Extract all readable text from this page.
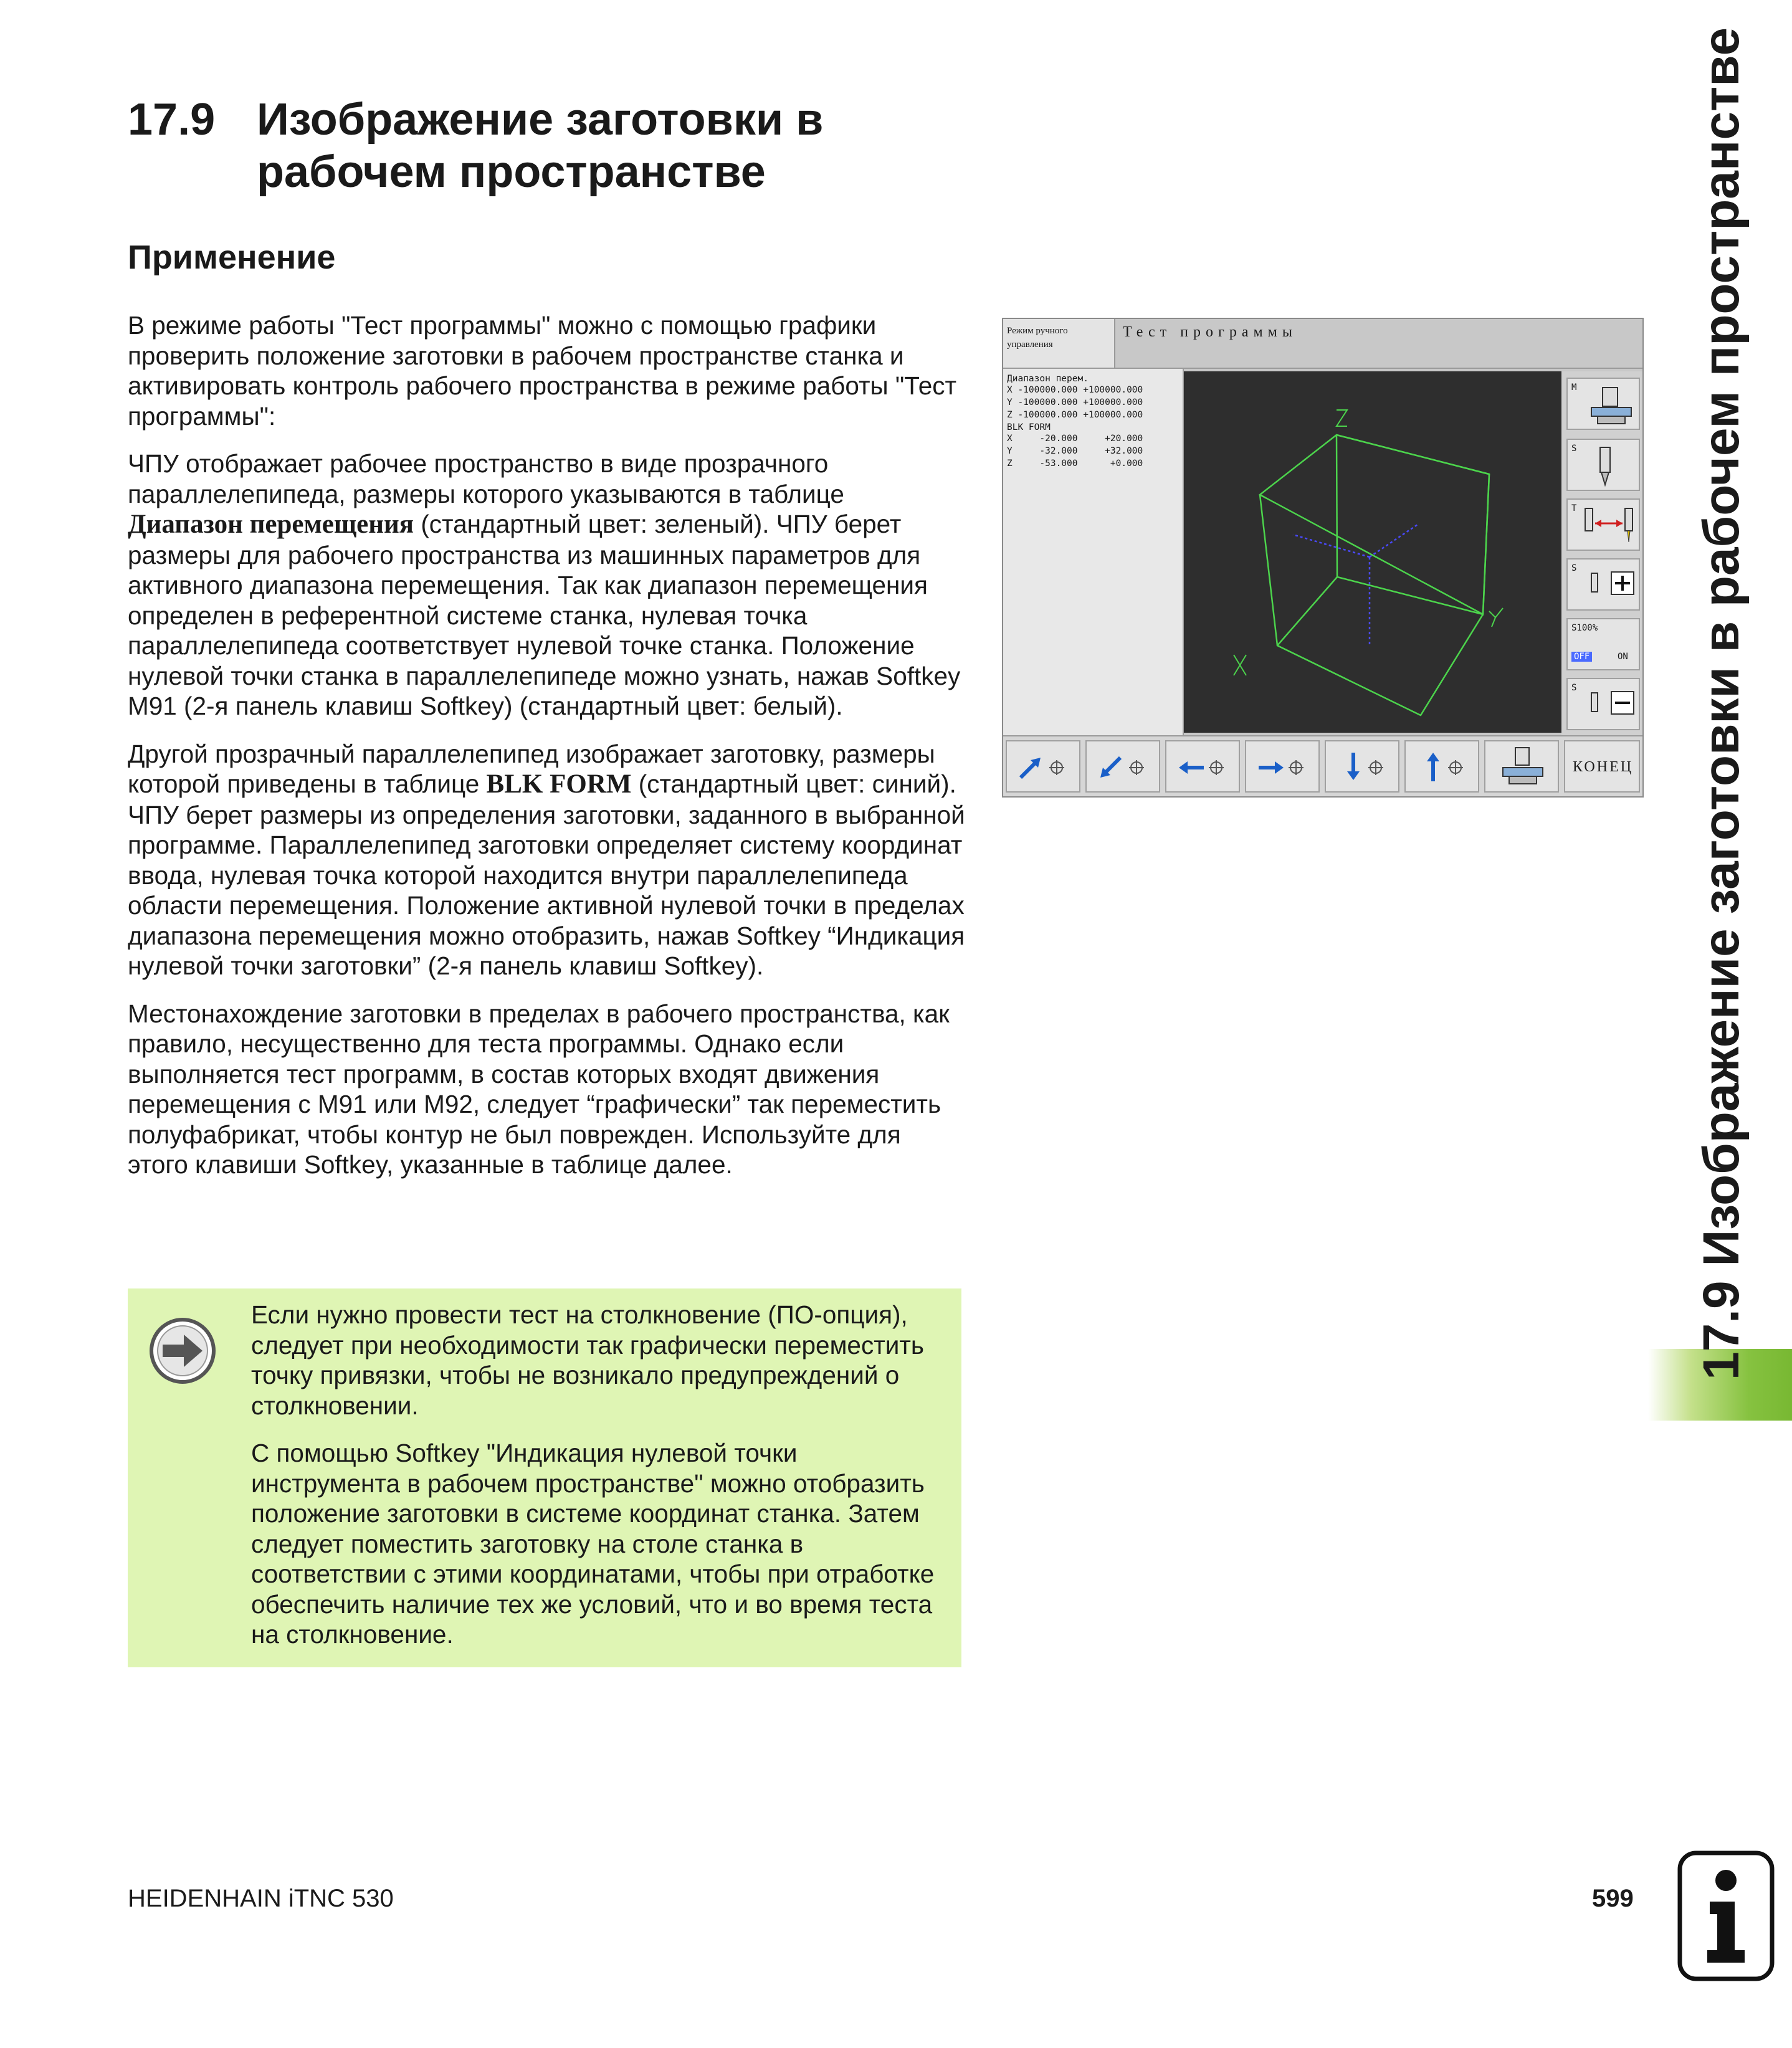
17.9 Изображение заготовки в рабочем пространстве
Применение

В режиме работы "Тест программы" можно с помощью графики проверить положение заготовки в рабочем пространстве станка и активировать контроль рабочего пространства в режиме работы "Тест программы":

ЧПУ отображает рабочее пространство в виде прозрачного параллелепипеда, размеры которого указываются в таблице Диапазон перемещения (стандартный цвет: зеленый). ЧПУ берет размеры для рабочего пространства из машинных параметров для активного диапазона перемещения. Так как диапазон перемещения определен в референтной системе станка, нулевая точка параллелепипеда соответствует нулевой точке станка. Положение нулевой точки станка в параллелепипеде можно узнать, нажав Softkey M91 (2-я панель клавиш Softkey) (стандартный цвет: белый).

Другой прозрачный параллелепипед изображает заготовку, размеры которой приведены в таблице BLK FORM (стандартный цвет: синий). ЧПУ берет размеры из определения заготовки, заданного в выбранной программе. Параллелепипед заготовки определяет систему координат ввода, нулевая точка которой находится внутри параллелепипеда области перемещения. Положение активной нулевой точки в пределах диапазона перемещения можно отобразить, нажав Softkey “Индикация нулевой точки заготовки” (2-я панель клавиш Softkey).

Местонахождение заготовки в пределах в рабочего пространства, как правило, несущественно для теста программы. Однако если выполняется тест программ, в состав которых входят движения перемещения с M91 или M92, следует “графически” так переместить полуфабрикат, чтобы контур не был поврежден. Используйте для этого клавиши Softkey, указанные в таблице далее.

Если нужно провести тест на столкновение (ПО-опция), следует при необходимости так графически переместить точку привязки, чтобы не возникало предупреждений о столкновении.

С помощью Softkey "Индикация нулевой точки инструмента в рабочем пространстве" можно отобразить положение заготовки в системе координат станка. Затем следует поместить заготовку на столе станка в соответствии с этими координатами, чтобы при отработке обеспечить наличие тех же условий, что и во время теста на столкновение.

17.9 Изображение заготовки в рабочем пространстве
Режим ручного
управления
Тест программы
Диапазон перем.
X -100000.000 +100000.000
Y -100000.000 +100000.000
Z -100000.000 +100000.000
BLK FORM
X     -20.000     +20.000
Y     -32.000     +32.000
Z     -53.000      +0.000
M
S
T
S
S100%
OFF	ON
S
КОНЕЦ
HEIDENHAIN iTNC 530	599
